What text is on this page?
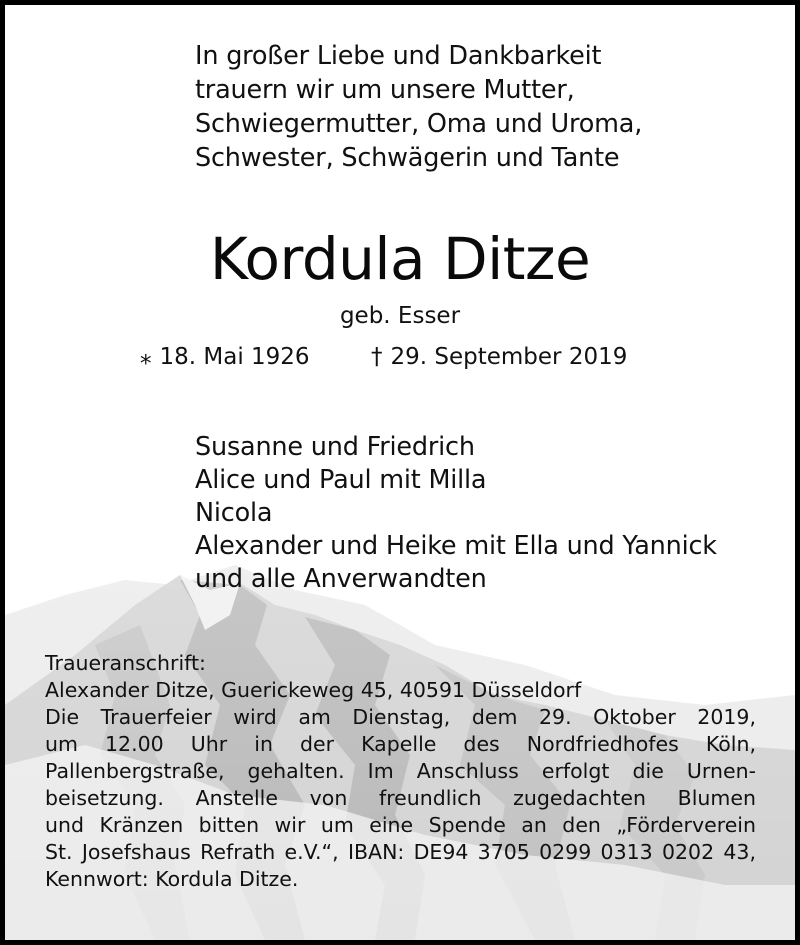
In großer Liebe und Dankbarkeit
trauern wir um unsere Mutter,
Schwiegermutter, Oma und Uroma,
Schwester, Schwägerin und Tante
Kordula Ditze
geb. Esser
⁎ 18. Mai 1926	† 29. September 2019
Susanne und Friedrich
Alice und Paul mit Milla
Nicola
Alexander und Heike mit Ella und Yannick
und alle Anverwandten
Traueranschrift:
Alexander Ditze, Guerickeweg 45, 40591 Düsseldorf
Die Trauerfeier wird am Dienstag, dem 29. Oktober 2019,
um 12.00 Uhr in der Kapelle des Nordfriedhofes Köln,
Pallenbergstraße, gehalten. Im Anschluss erfolgt die Urnen-
beisetzung. Anstelle von freundlich zugedachten Blumen
und Kränzen bitten wir um eine Spende an den „Förderverein
St. Josefshaus Refrath e.V.“, IBAN: DE94 3705 0299 0313 0202 43,
Kennwort: Kordula Ditze.
